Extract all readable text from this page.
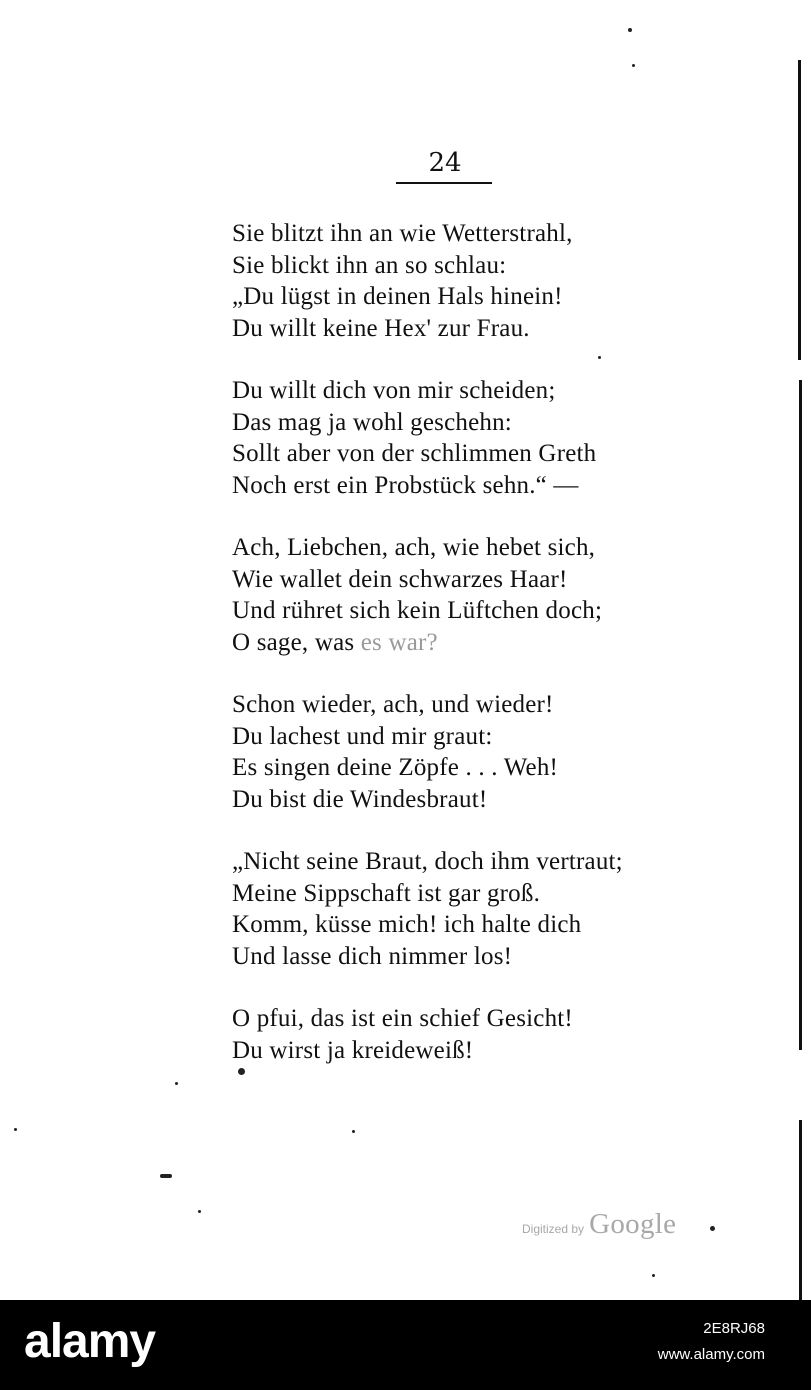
24
Sie blitzt ihn an wie Wetterstrahl,
Sie blickt ihn an so schlau:
„Du lügst in deinen Hals hinein!
Du willt keine Hex' zur Frau.
Du willt dich von mir scheiden;
Das mag ja wohl geschehn:
Sollt aber von der schlimmen Greth
Noch erst ein Probstück sehn.“ —
Ach, Liebchen, ach, wie hebet sich,
Wie wallet dein schwarzes Haar!
Und rühret sich kein Lüftchen doch;
O sage, was es war?
Schon wieder, ach, und wieder!
Du lachest und mir graut:
Es singen deine Zöpfe . . . Weh!
Du bist die Windesbraut!
„Nicht seine Braut, doch ihm vertraut;
Meine Sippschaft ist gar groß.
Komm, küsse mich! ich halte dich
Und lasse dich nimmer los!
O pfui, das ist ein schief Gesicht!
Du wirst ja kreideweiß!
Digitized by Google
alamy	2E8RJ68
www.alamy.com
